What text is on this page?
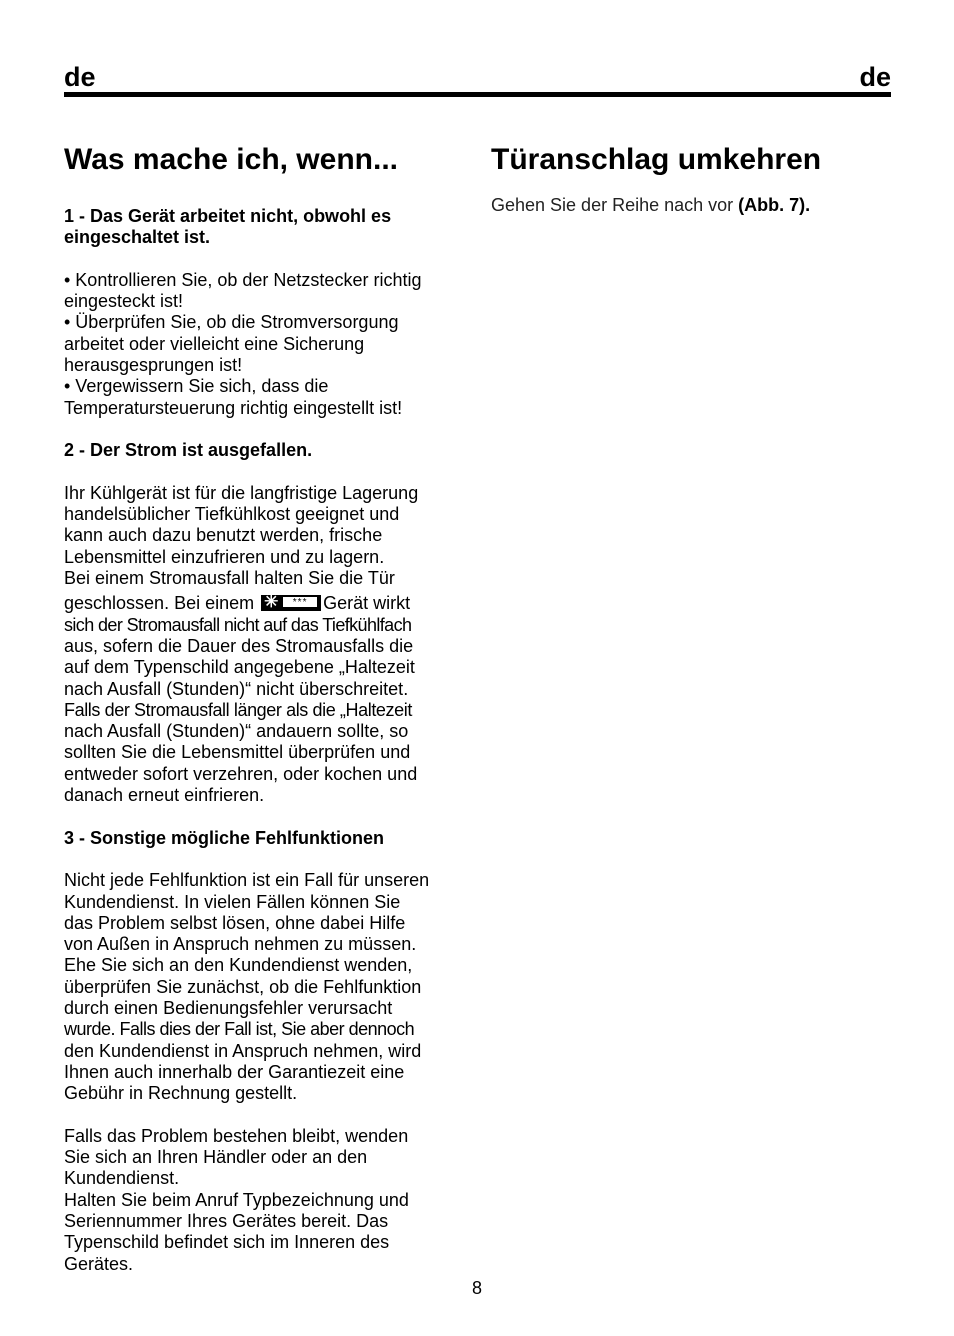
de	de
Was mache ich, wenn...
1 - Das Gerät arbeitet nicht, obwohl es
eingeschaltet ist.
• Kontrollieren Sie, ob der Netzstecker richtig
eingesteckt ist!
• Überprüfen Sie, ob die Stromversorgung
arbeitet oder vielleicht eine Sicherung
herausgesprungen ist!
• Vergewissern Sie sich, dass die
Temperatursteuerung richtig eingestellt ist!
2 - Der Strom ist ausgefallen.
Ihr Kühlgerät ist für die langfristige Lagerung
handelsüblicher Tiefkühlkost geeignet und
kann auch dazu benutzt werden, frische
Lebensmittel einzufrieren und zu lagern.
Bei einem Stromausfall halten Sie die Tür
geschlossen. Bei einem ✳	*** Gerät wirkt
sich der Stromausfall nicht auf das Tiefkühlfach
aus, sofern die Dauer des Stromausfalls die
auf dem Typenschild angegebene „Haltezeit
nach Ausfall (Stunden)“ nicht überschreitet.
Falls der Stromausfall länger als die „Haltezeit
nach Ausfall (Stunden)“ andauern sollte, so
sollten Sie die Lebensmittel überprüfen und
entweder sofort verzehren, oder kochen und
danach erneut einfrieren.
3 - Sonstige mögliche Fehlfunktionen
Nicht jede Fehlfunktion ist ein Fall für unseren
Kundendienst. In vielen Fällen können Sie
das Problem selbst lösen, ohne dabei Hilfe
von Außen in Anspruch nehmen zu müssen.
Ehe Sie sich an den Kundendienst wenden,
überprüfen Sie zunächst, ob die Fehlfunktion
durch einen Bedienungsfehler verursacht
wurde. Falls dies der Fall ist, Sie aber dennoch
den Kundendienst in Anspruch nehmen, wird
Ihnen auch innerhalb der Garantiezeit eine
Gebühr in Rechnung gestellt.
Falls das Problem bestehen bleibt, wenden
Sie sich an Ihren Händler oder an den
Kundendienst.
Halten Sie beim Anruf Typbezeichnung und
Seriennummer Ihres Gerätes bereit. Das
Typenschild befindet sich im Inneren des
Gerätes.
Türanschlag umkehren

Gehen Sie der Reihe nach vor (Abb. 7).

8
